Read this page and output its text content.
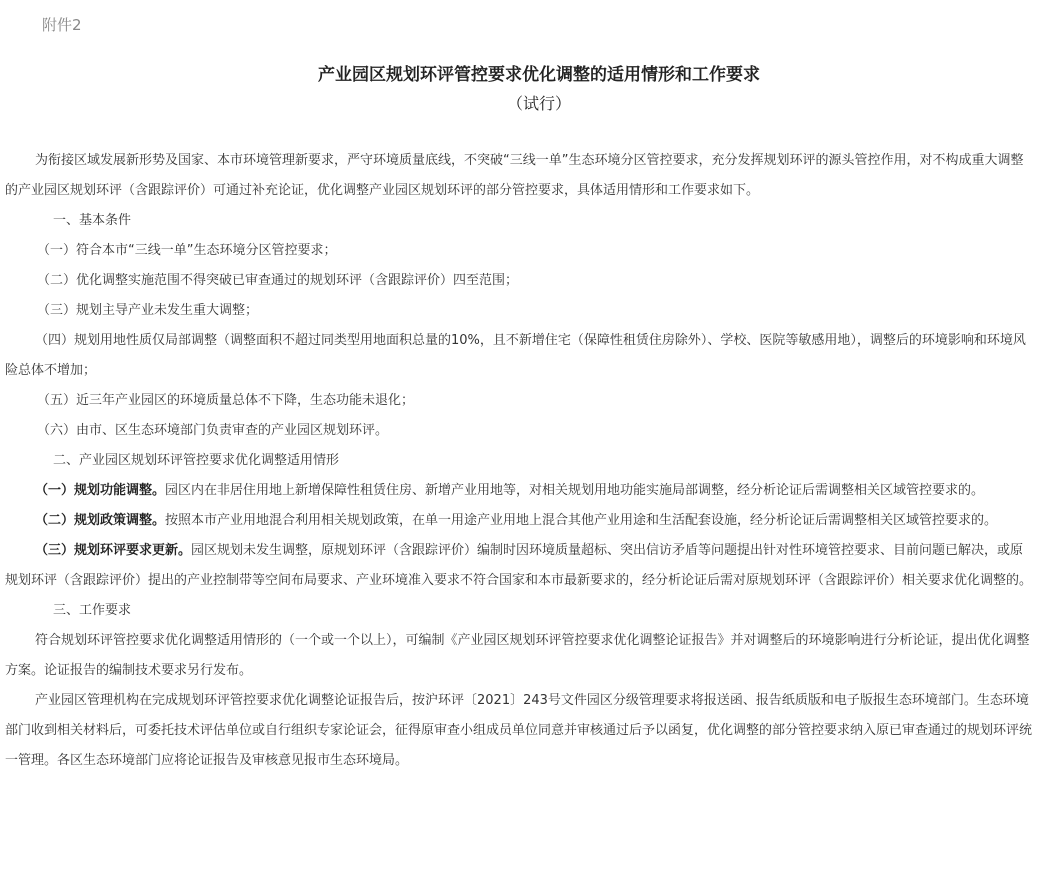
附件2
产业园区规划环评管控要求优化调整的适用情形和工作要求
（试行）

为衔接区域发展新形势及国家、本市环境管理新要求，严守环境质量底线，不突破“三线一单”生态环境分区管控要求，充分发挥规划环评的源头管控作用，对不构成重大调整的产业园区规划环评（含跟踪评价）可通过补充论证，优化调整产业园区规划环评的部分管控要求，具体适用情形和工作要求如下。

一、基本条件

（一）符合本市“三线一单”生态环境分区管控要求；

（二）优化调整实施范围不得突破已审查通过的规划环评（含跟踪评价）四至范围；

（三）规划主导产业未发生重大调整；

（四）规划用地性质仅局部调整（调整面积不超过同类型用地面积总量的10%，且不新增住宅（保障性租赁住房除外）、学校、医院等敏感用地），调整后的环境影响和环境风险总体不增加；

（五）近三年产业园区的环境质量总体不下降，生态功能未退化；

（六）由市、区生态环境部门负责审查的产业园区规划环评。

二、产业园区规划环评管控要求优化调整适用情形

（一）规划功能调整。园区内在非居住用地上新增保障性租赁住房、新增产业用地等，对相关规划用地功能实施局部调整，经分析论证后需调整相关区域管控要求的。

（二）规划政策调整。按照本市产业用地混合利用相关规划政策，在单一用途产业用地上混合其他产业用途和生活配套设施，经分析论证后需调整相关区域管控要求的。

（三）规划环评要求更新。园区规划未发生调整，原规划环评（含跟踪评价）编制时因环境质量超标、突出信访矛盾等问题提出针对性环境管控要求、目前问题已解决，或原规划环评（含跟踪评价）提出的产业控制带等空间布局要求、产业环境准入要求不符合国家和本市最新要求的，经分析论证后需对原规划环评（含跟踪评价）相关要求优化调整的。

三、工作要求

符合规划环评管控要求优化调整适用情形的（一个或一个以上），可编制《产业园区规划环评管控要求优化调整论证报告》并对调整后的环境影响进行分析论证，提出优化调整方案。论证报告的编制技术要求另行发布。

产业园区管理机构在完成规划环评管控要求优化调整论证报告后，按沪环评〔2021〕243号文件园区分级管理要求将报送函、报告纸质版和电子版报生态环境部门。生态环境部门收到相关材料后，可委托技术评估单位或自行组织专家论证会，征得原审查小组成员单位同意并审核通过后予以函复，优化调整的部分管控要求纳入原已审查通过的规划环评统一管理。各区生态环境部门应将论证报告及审核意见报市生态环境局。
